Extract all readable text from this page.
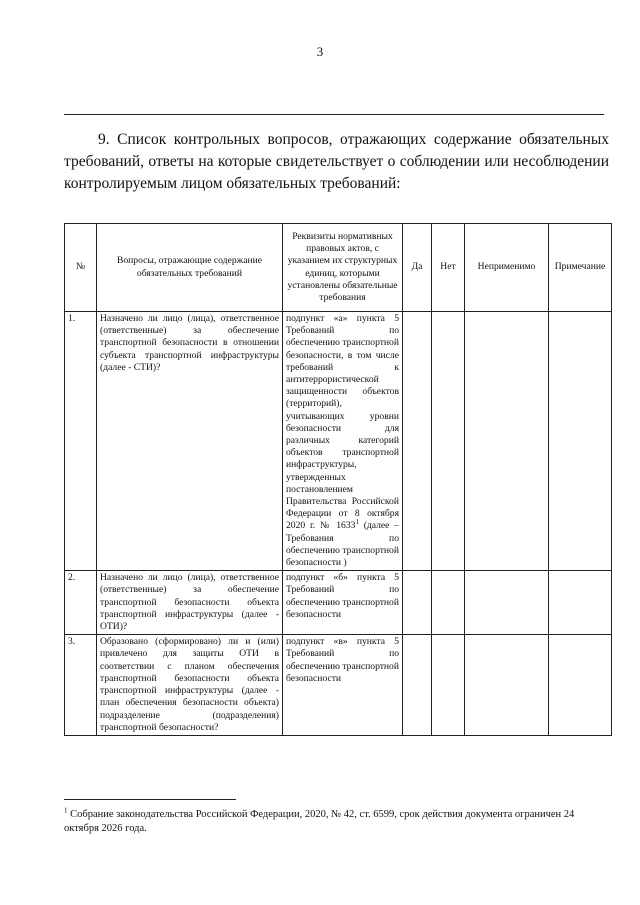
3

9. Список контрольных вопросов, отражающих содержание обязательных требований, ответы на которые свидетельствует о соблюдении или несоблюдении контролируемым лицом обязательных требований:

№	Вопросы, отражающие содержание обязательных требований	Реквизиты нормативных правовых актов, с указанием их структурных единиц, которыми установлены обязательные требования	Да	Нет	Неприменимо	Примечание
1.	Назначено ли лицо (лица), ответственное (ответственные) за обеспечение транспортной безопасности в отношении субъекта транспортной инфраструктуры (далее - СТИ)?	подпункт «а» пункта 5 Требований по обеспечению транспортной безопасности, в том числе требований к антитеррористической защищенности объектов (территорий), учитывающих уровни безопасности для различных категорий объектов транспортной инфраструктуры, утвержденных постановлением Правительства Российской Федерации от 8 октября 2020 г. № 1633$^1$ (далее – Требования по обеспечению транспортной безопасности )				
2.	Назначено ли лицо (лица), ответственное (ответственные) за обеспечение транспортной безопасности объекта транспортной инфраструктуры (далее - ОТИ)?	подпункт «б» пункта 5 Требований по обеспечению транспортной безопасности				
3.	Образовано (сформировано) ли и (или) привлечено для защиты ОТИ в соответствии с планом обеспечения транспортной безопасности объекта транспортной инфраструктуры (далее - план обеспечения безопасности объекта) подразделение (подразделения) транспортной безопасности?	подпункт «в» пункта 5 Требований по обеспечению транспортной безопасности				

$^1$ Собрание законодательства Российской Федерации, 2020, № 42, ст. 6599, срок действия документа ограничен 24 октября 2026 года.
